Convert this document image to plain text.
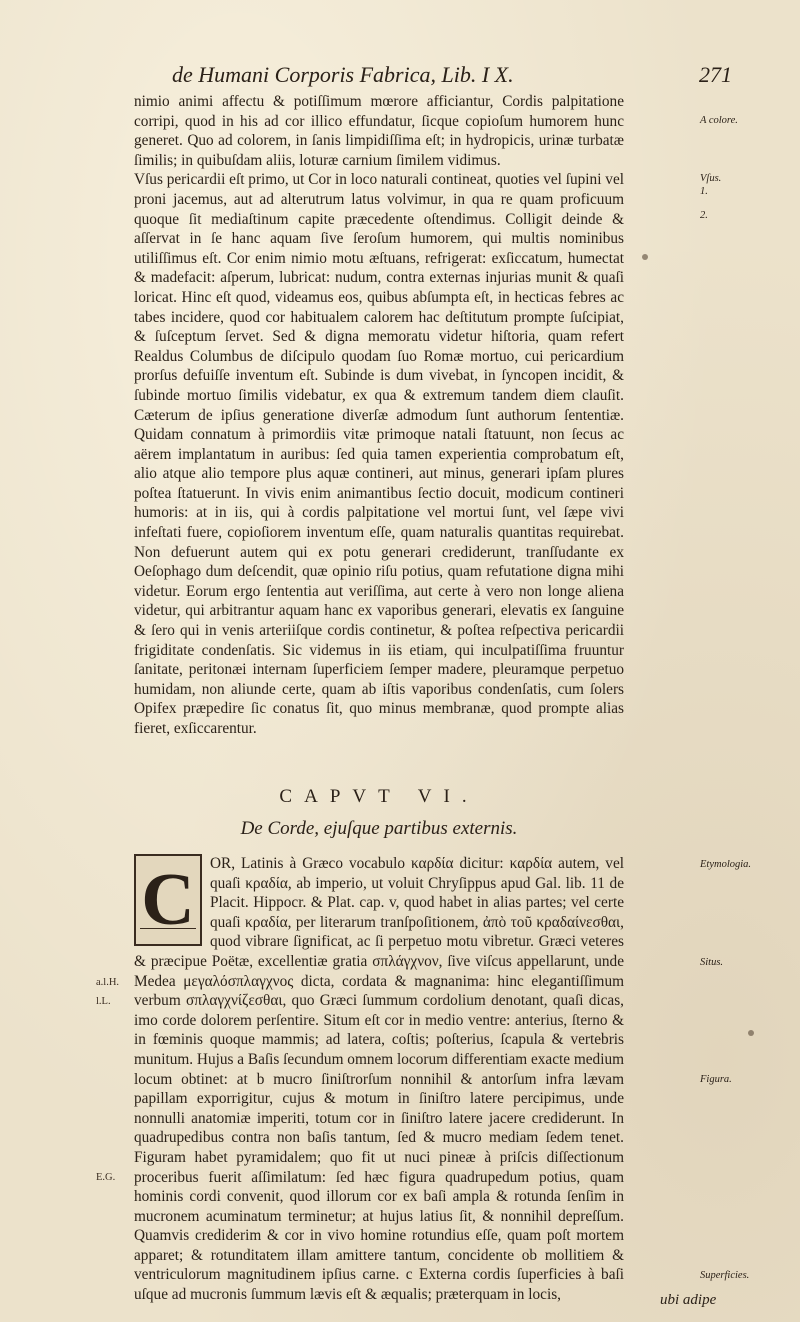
de Humani Corporis Fabrica, Lib. I X.	271

nimio animi affectu & potiſſimum mœrore afficiantur, Cordis palpitatione corripi, quod in his ad cor illico effundatur, ſicque copioſum humorem hunc generet. Quo ad colorem, in ſanis limpidiſſima eſt; in hydropicis, urinæ turbatæ ſimilis; in quibuſdam aliis, loturæ carnium ſimilem vidimus.

Vſus pericardii eſt primo, ut Cor in loco naturali contineat, quoties vel ſupini vel proni jacemus, aut ad alterutrum latus volvimur, in qua re quam proficuum quoque ſit mediaſtinum capite præcedente oſtendimus. Colligit deinde & aſſervat in ſe hanc aquam ſive ſeroſum humorem, qui multis nominibus utiliſſimus eſt. Cor enim nimio motu æſtuans, refrigerat: exſiccatum, humectat & madefacit: aſperum, lubricat: nudum, contra externas injurias munit & quaſi loricat. Hinc eſt quod, videamus eos, quibus abſumpta eſt, in hecticas febres ac tabes incidere, quod cor habitualem calorem hac deſtitutum prompte ſuſcipiat, & ſuſceptum ſervet. Sed & digna memoratu videtur hiſtoria, quam refert Realdus Columbus de diſcipulo quodam ſuo Romæ mortuo, cui pericardium prorſus defuiſſe inventum eſt. Subinde is dum vivebat, in ſyncopen incidit, & ſubinde mortuo ſimilis videbatur, ex qua & extremum tandem diem clauſit. Cæterum de ipſius generatione diverſæ admodum ſunt authorum ſententiæ. Quidam connatum à primordiis vitæ primoque natali ſtatuunt, non ſecus ac aërem implantatum in auribus: ſed quia tamen experientia comprobatum eſt, alio atque alio tempore plus aquæ contineri, aut minus, generari ipſam plures poſtea ſtatuerunt. In vivis enim animantibus ſectio docuit, modicum contineri humoris: at in iis, qui à cordis palpitatione vel mortui ſunt, vel ſæpe vivi infeſtati fuere, copioſiorem inventum eſſe, quam naturalis quantitas requirebat. Non defuerunt autem qui ex potu generari crediderunt, tranſſudante ex Oeſophago dum deſcendit, quæ opinio riſu potius, quam refutatione digna mihi videtur. Eorum ergo ſententia aut veriſſima, aut certe à vero non longe aliena videtur, qui arbitrantur aquam hanc ex vaporibus generari, elevatis ex ſanguine & ſero qui in venis arteriiſque cordis continetur, & poſtea reſpectiva pericardii frigiditate condenſatis. Sic videmus in iis etiam, qui inculpatiſſima fruuntur ſanitate, peritonæi internam ſuperficiem ſemper madere, pleuramque perpetuo humidam, non aliunde certe, quam ab iſtis vaporibus condenſatis, cum ſolers Opifex præpedire ſic conatus ſit, quo minus membranæ, quod prompte alias fieret, exſiccarentur.

CAPVT VI.
De Corde, ejuſque partibus externis.
C OR, Latinis à Græco vocabulo καρδία dicitur: καρδία autem, vel quaſi κραδία, ab imperio, ut voluit Chryſippus apud Gal. lib. 11 de Placit. Hippocr. & Plat. cap. v, quod habet in alias partes; vel certe quaſi κραδία, per literarum tranſpoſitionem, ἀπὸ τοῦ κραδαίνεσθαι, quod vibrare ſignificat, ac ſi perpetuo motu vibretur. Græci veteres & præcipue Poëtæ, excellentiæ gratia σπλάγχνον, ſive viſcus appellarunt, unde Medea μεγαλόσπλαγχνος dicta, cordata & magnanima: hinc elegantiſſimum verbum σπλαγχνίζεσθαι, quo Græci ſummum cordolium denotant, quaſi dicas, imo corde dolorem perſentire. Situm eſt cor in medio ventre: anterius, ſterno & in fœminis quoque mammis; ad latera, coſtis; poſterius, ſcapula & vertebris munitum. Hujus a Baſis ſecundum omnem locorum differentiam exacte medium locum obtinet: at b mucro ſiniſtrorſum nonnihil & antorſum infra lævam papillam exporrigitur, cujus & motum in ſiniſtro latere percipimus, unde nonnulli anatomiæ imperiti, totum cor in ſiniſtro latere jacere crediderunt. In quadrupedibus contra non baſis tantum, ſed & mucro mediam ſedem tenet. Figuram habet pyramidalem; quo fit ut nuci pineæ à priſcis diſſectionum proceribus fuerit aſſimilatum: ſed hæc figura quadrupedum potius, quam hominis cordi convenit, quod illorum cor ex baſi ampla & rotunda ſenſim in mucronem acuminatum terminetur; at hujus latius ſit, & nonnihil depreſſum. Quamvis crediderim & cor in vivo homine rotundius eſſe, quam poſt mortem apparet; & rotunditatem illam amittere tantum, concidente ob mollitiem & ventriculorum magnitudinem ipſius carne. c Externa cordis ſuperficies à baſi uſque ad mucronis ſummum lævis eſt & æqualis; præterquam in locis,	ubi adipe
A colore.
Vſus.
1.
2.
Etymologia.
Situs.
Figura.
Superficies.
a.l.H.
l.L.
E.G.
